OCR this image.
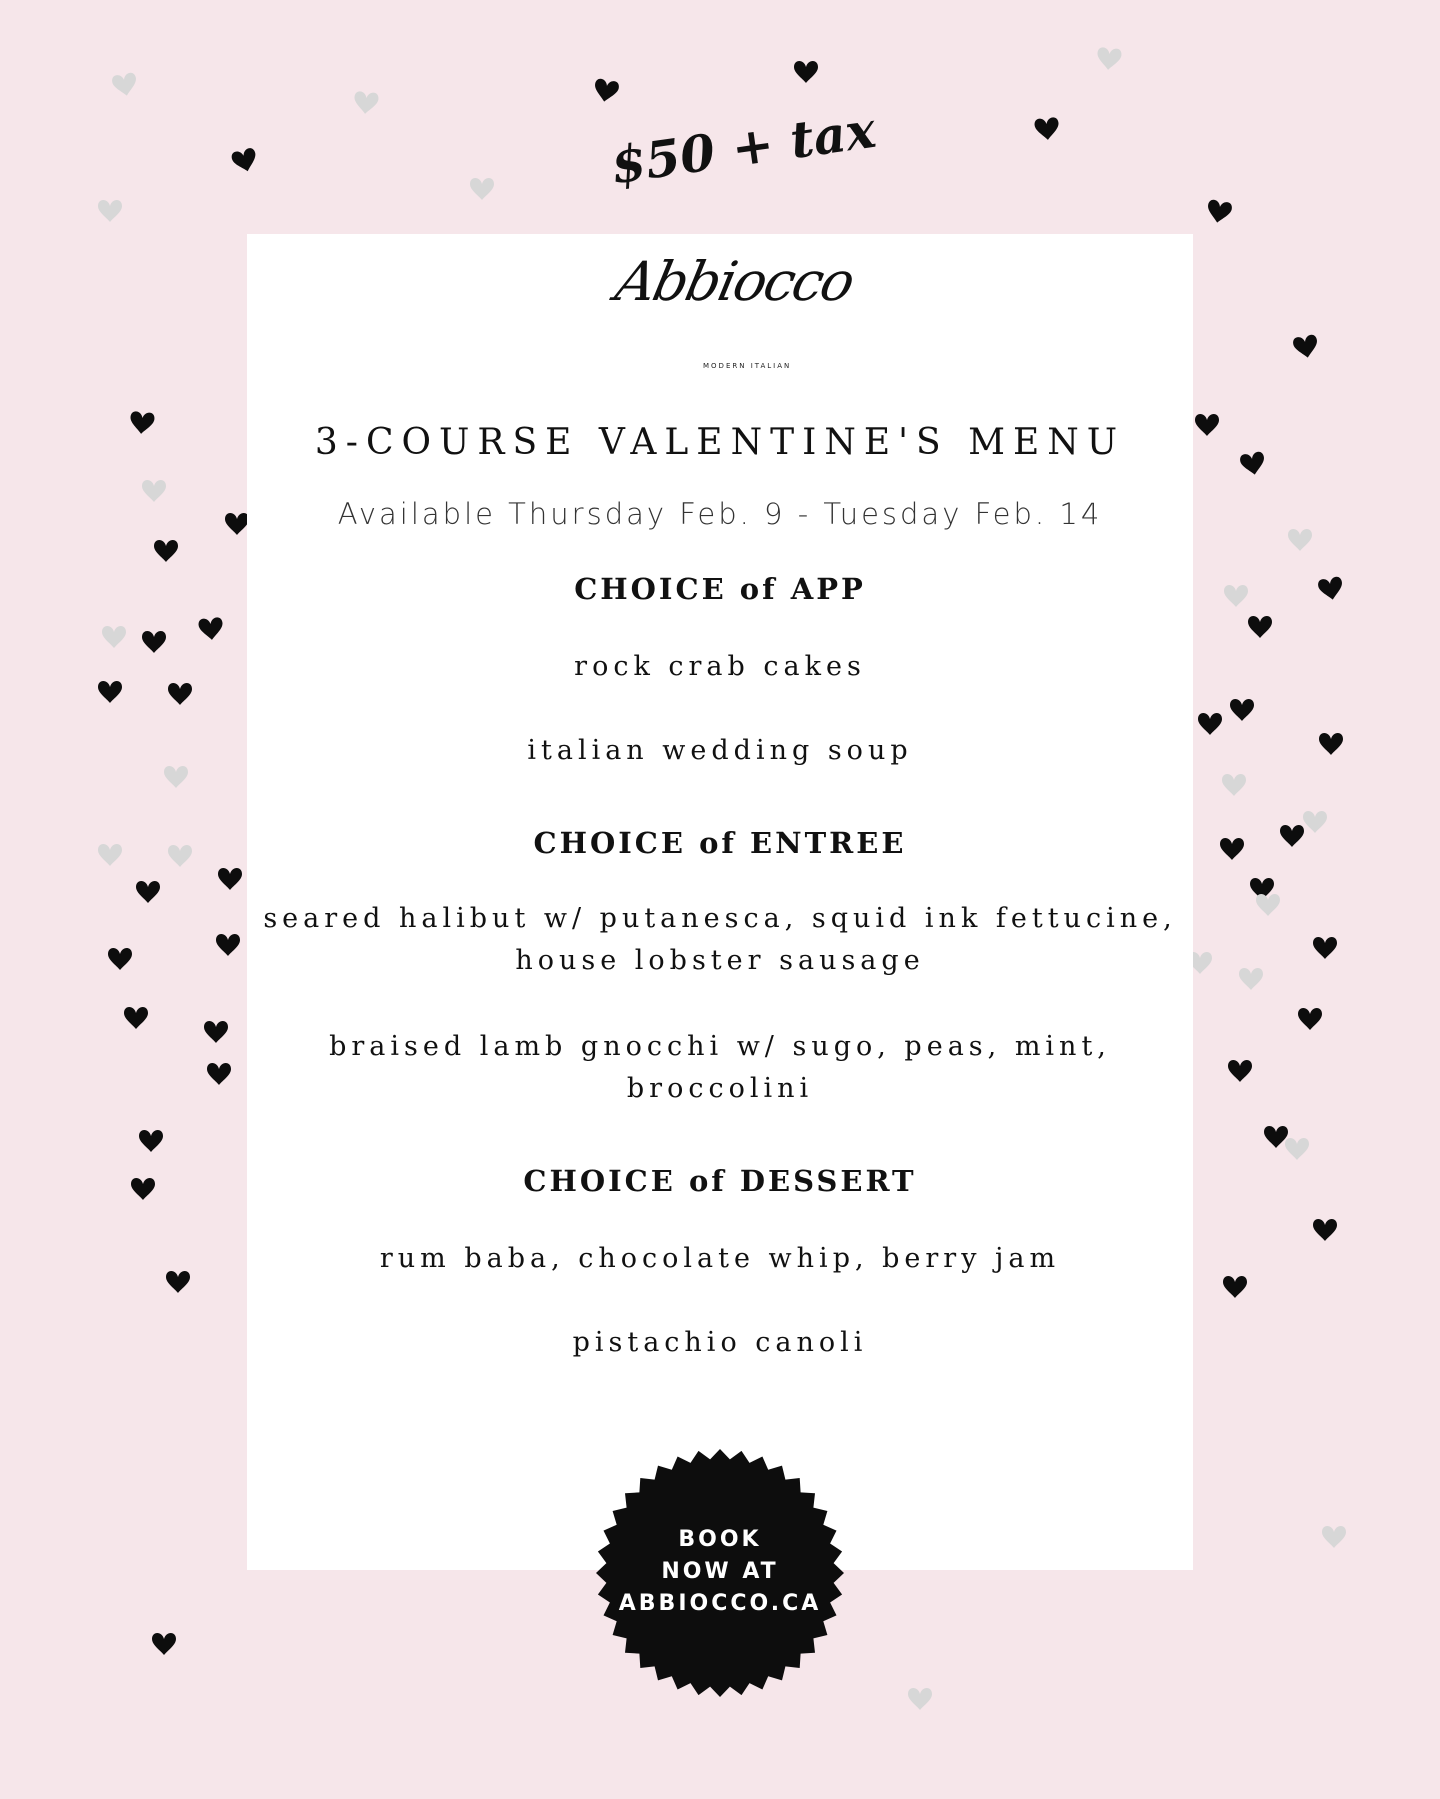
$50 + tax
Abbiocco
MODERN ITALIAN
3-COURSE VALENTINE'S MENU
Available Thursday Feb. 9 - Tuesday Feb. 14
CHOICE of APP
rock crab cakes
italian wedding soup
CHOICE of ENTREE
seared halibut w/ putanesca, squid ink fettucine,
house lobster sausage
braised lamb gnocchi w/ sugo, peas, mint,
broccolini
CHOICE of DESSERT
rum baba, chocolate whip, berry jam
pistachio canoli
BOOK
NOW AT
ABBIOCCO.CA
